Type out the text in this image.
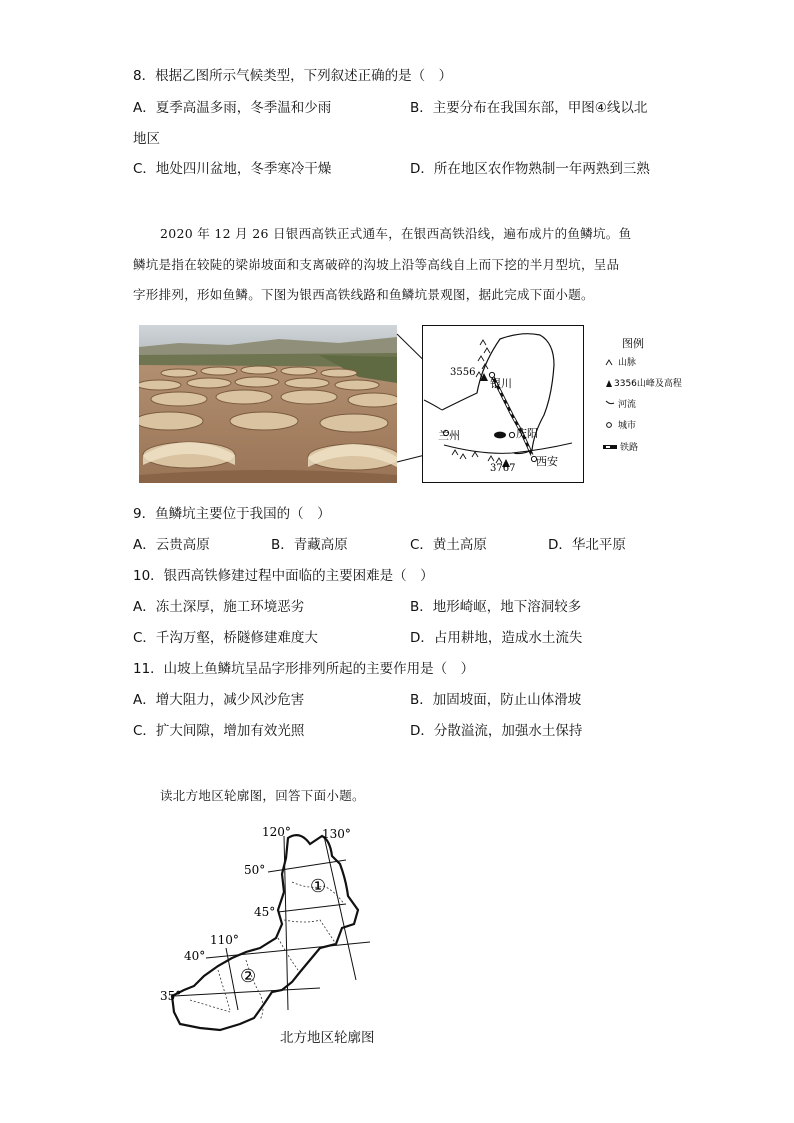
8．根据乙图所示气候类型，下列叙述正确的是（　）
A．夏季高温多雨，冬季温和少雨	B．主要分布在我国东部，甲图④线以北
地区
C．地处四川盆地，冬季寒冷干燥	D．所在地区农作物熟制一年两熟到三熟
2020 年 12 月 26 日银西高铁正式通车，在银西高铁沿线，遍布成片的鱼鳞坑。鱼
鳞坑是指在较陡的梁峁坡面和支离破碎的沟坡上沿等高线自上而下挖的半月型坑，呈品
字形排列，形如鱼鳞。下图为银西高铁线路和鱼鳞坑景观图，据此完成下面小题。
3556
3767
银川
兰州	庆阳
西安
图例
山脉
3356山峰及高程
河流
城市
铁路
9．鱼鳞坑主要位于我国的（　）
A．云贵高原	B．青藏高原	C．黄土高原	D．华北平原
10．银西高铁修建过程中面临的主要困难是（　）
A．冻土深厚，施工环境恶劣	B．地形崎岖，地下溶洞较多
C．千沟万壑，桥隧修建难度大	D．占用耕地，造成水土流失
11．山坡上鱼鳞坑呈品字形排列所起的主要作用是（　）
A．增大阻力，减少风沙危害	B．加固坡面，防止山体滑坡
C．扩大间隙，增加有效光照	D．分散溢流，加强水土保持
读北方地区轮廓图，回答下面小题。
①
②
120°	130°
110°
50°
45°
40°
35°
北方地区轮廓图
